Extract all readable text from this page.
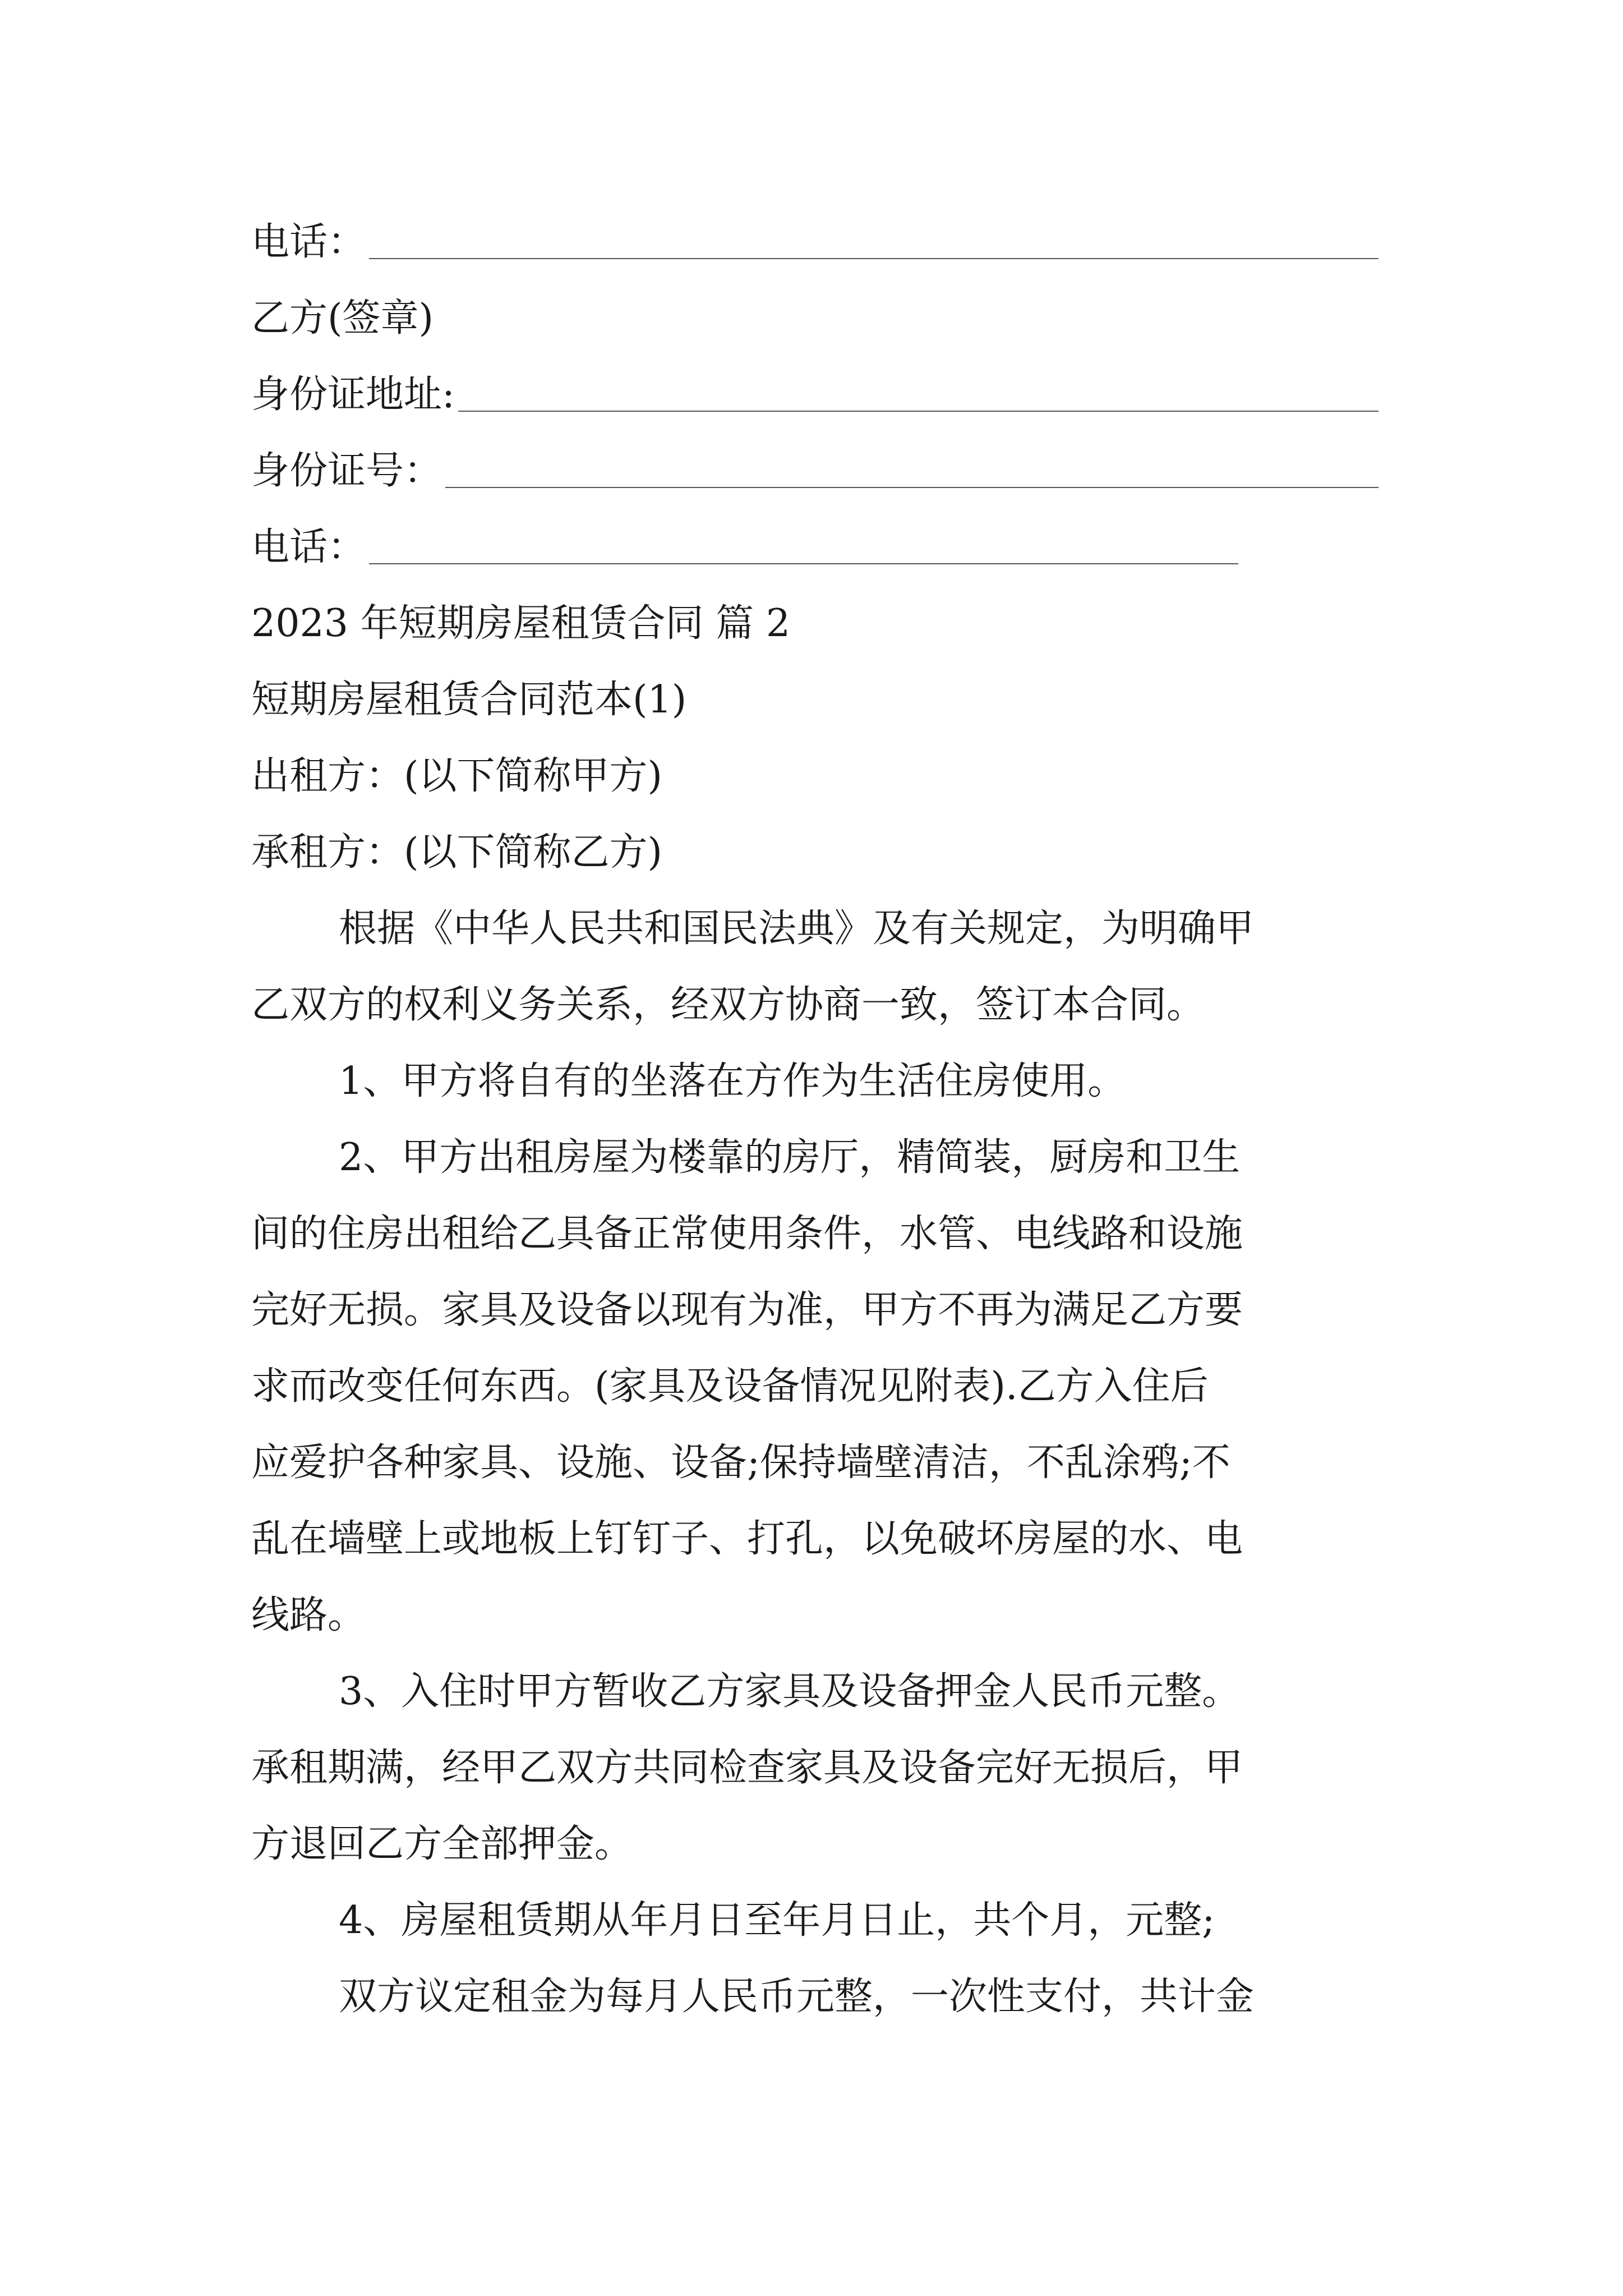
电话：
乙方(签章)
身份证地址:
身份证号：
电话：
2023 年短期房屋租赁合同 篇 2
短期房屋租赁合同范本(1)
出租方：(以下简称甲方)
承租方：(以下简称乙方)
根据《中华人民共和国民法典》及有关规定，为明确甲
乙双方的权利义务关系，经双方协商一致，签订本合同。
1、甲方将自有的坐落在方作为生活住房使用。
2、甲方出租房屋为楼靠的房厅，精简装，厨房和卫生
间的住房出租给乙具备正常使用条件，水管、电线路和设施
完好无损。家具及设备以现有为准，甲方不再为满足乙方要
求而改变任何东西。(家具及设备情况见附表).乙方入住后
应爱护各种家具、设施、设备;保持墙壁清洁，不乱涂鸦;不
乱在墙壁上或地板上钉钉子、打孔，以免破坏房屋的水、电
线路。
3、入住时甲方暂收乙方家具及设备押金人民币元整。
承租期满，经甲乙双方共同检查家具及设备完好无损后，甲
方退回乙方全部押金。
4、房屋租赁期从年月日至年月日止，共个月，元整;
双方议定租金为每月人民币元整，一次性支付，共计金
